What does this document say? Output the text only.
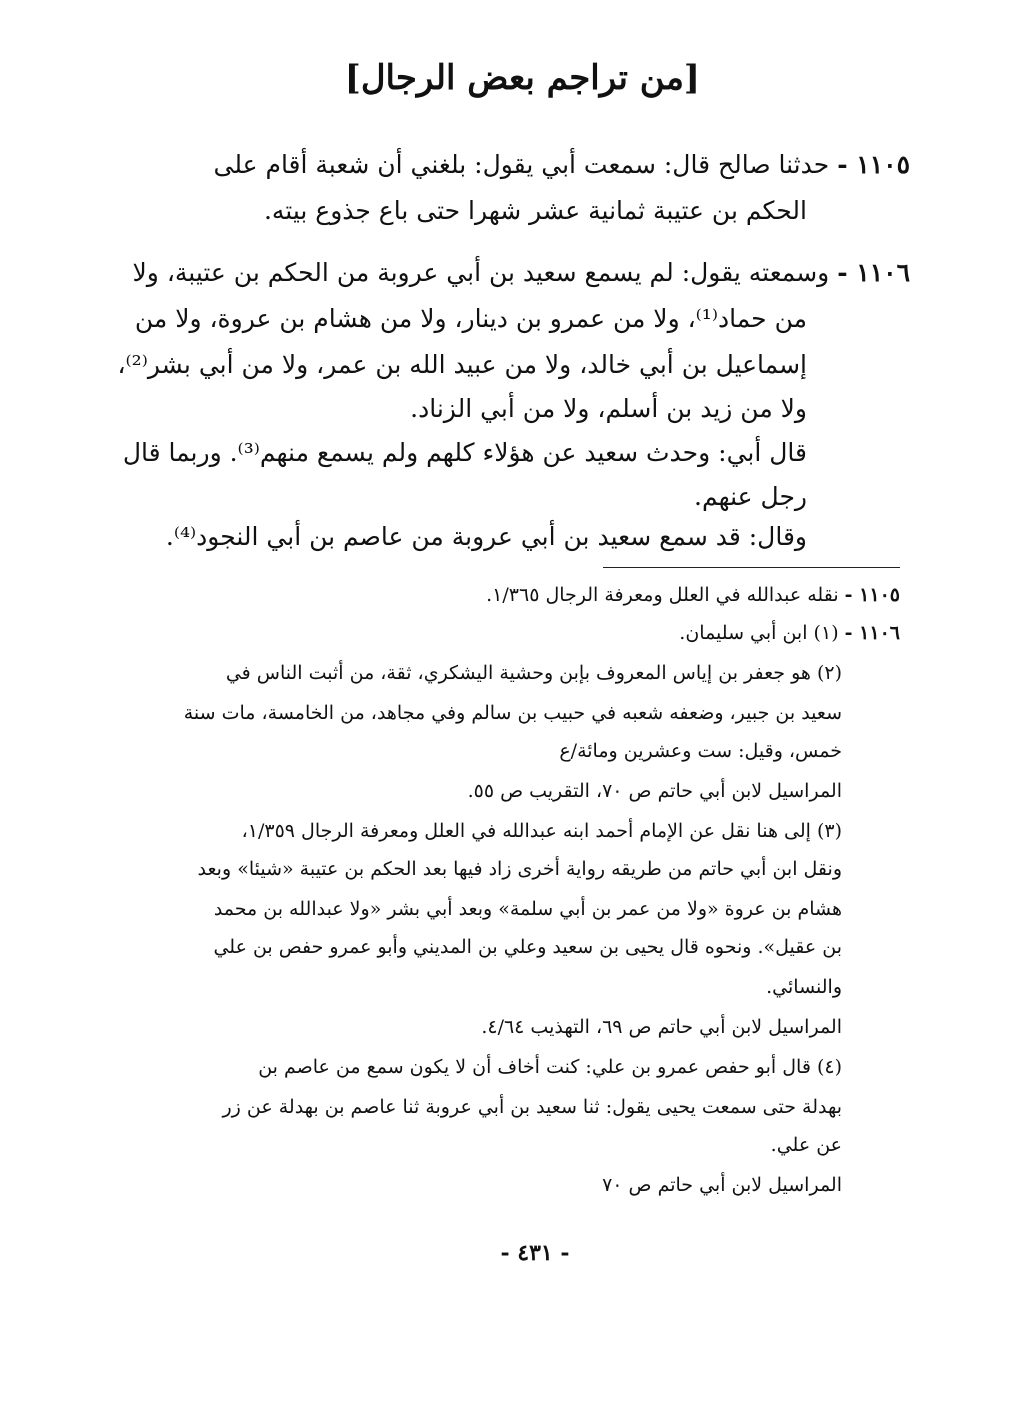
[من تراجم بعض الرجال]
١١٠٥ - حدثنا صالح قال: سمعت أبي يقول: بلغني أن شعبة أقام على
الحكم بن عتيبة ثمانية عشر شهرا حتى باع جذوع بيته.
١١٠٦ - وسمعته يقول: لم يسمع سعيد بن أبي عروبة من الحكم بن عتيبة، ولا
من حماد⁽¹⁾، ولا من عمرو بن دينار، ولا من هشام بن عروة، ولا من
إسماعيل بن أبي خالد، ولا من عبيد الله بن عمر، ولا من أبي بشر⁽²⁾،
ولا من زيد بن أسلم، ولا من أبي الزناد.
قال أبي: وحدث سعيد عن هؤلاء كلهم ولم يسمع منهم⁽³⁾. وربما قال
رجل عنهم.
وقال: قد سمع سعيد بن أبي عروبة من عاصم بن أبي النجود⁽⁴⁾.
١١٠٥ - نقله عبدالله في العلل ومعرفة الرجال ١/٣٦٥.
١١٠٦ - (١) ابن أبي سليمان.
(٢) هو جعفر بن إياس المعروف بإبن وحشية اليشكري، ثقة، من أثبت الناس في
سعيد بن جبير، وضعفه شعبه في حبيب بن سالم وفي مجاهد، من الخامسة، مات سنة
خمس، وقيل: ست وعشرين ومائة/ع
المراسيل لابن أبي حاتم ص ٧٠، التقريب ص ٥٥.
(٣) إلى هنا نقل عن الإمام أحمد ابنه عبدالله في العلل ومعرفة الرجال ١/٣٥٩،
ونقل ابن أبي حاتم من طريقه رواية أخرى زاد فيها بعد الحكم بن عتيبة «شيئا» وبعد
هشام بن عروة «ولا من عمر بن أبي سلمة» وبعد أبي بشر «ولا عبدالله بن محمد
بن عقيل». ونحوه قال يحيى بن سعيد وعلي بن المديني وأبو عمرو حفص بن علي
والنسائي.
المراسيل لابن أبي حاتم ص ٦٩، التهذيب ٤/٦٤.
(٤) قال أبو حفص عمرو بن علي: كنت أخاف أن لا يكون سمع من عاصم بن
بهدلة حتى سمعت يحيى يقول: ثنا سعيد بن أبي عروبة ثنا عاصم بن بهدلة عن زر
عن علي.
المراسيل لابن أبي حاتم ص ٧٠
- ٤٣١ -
